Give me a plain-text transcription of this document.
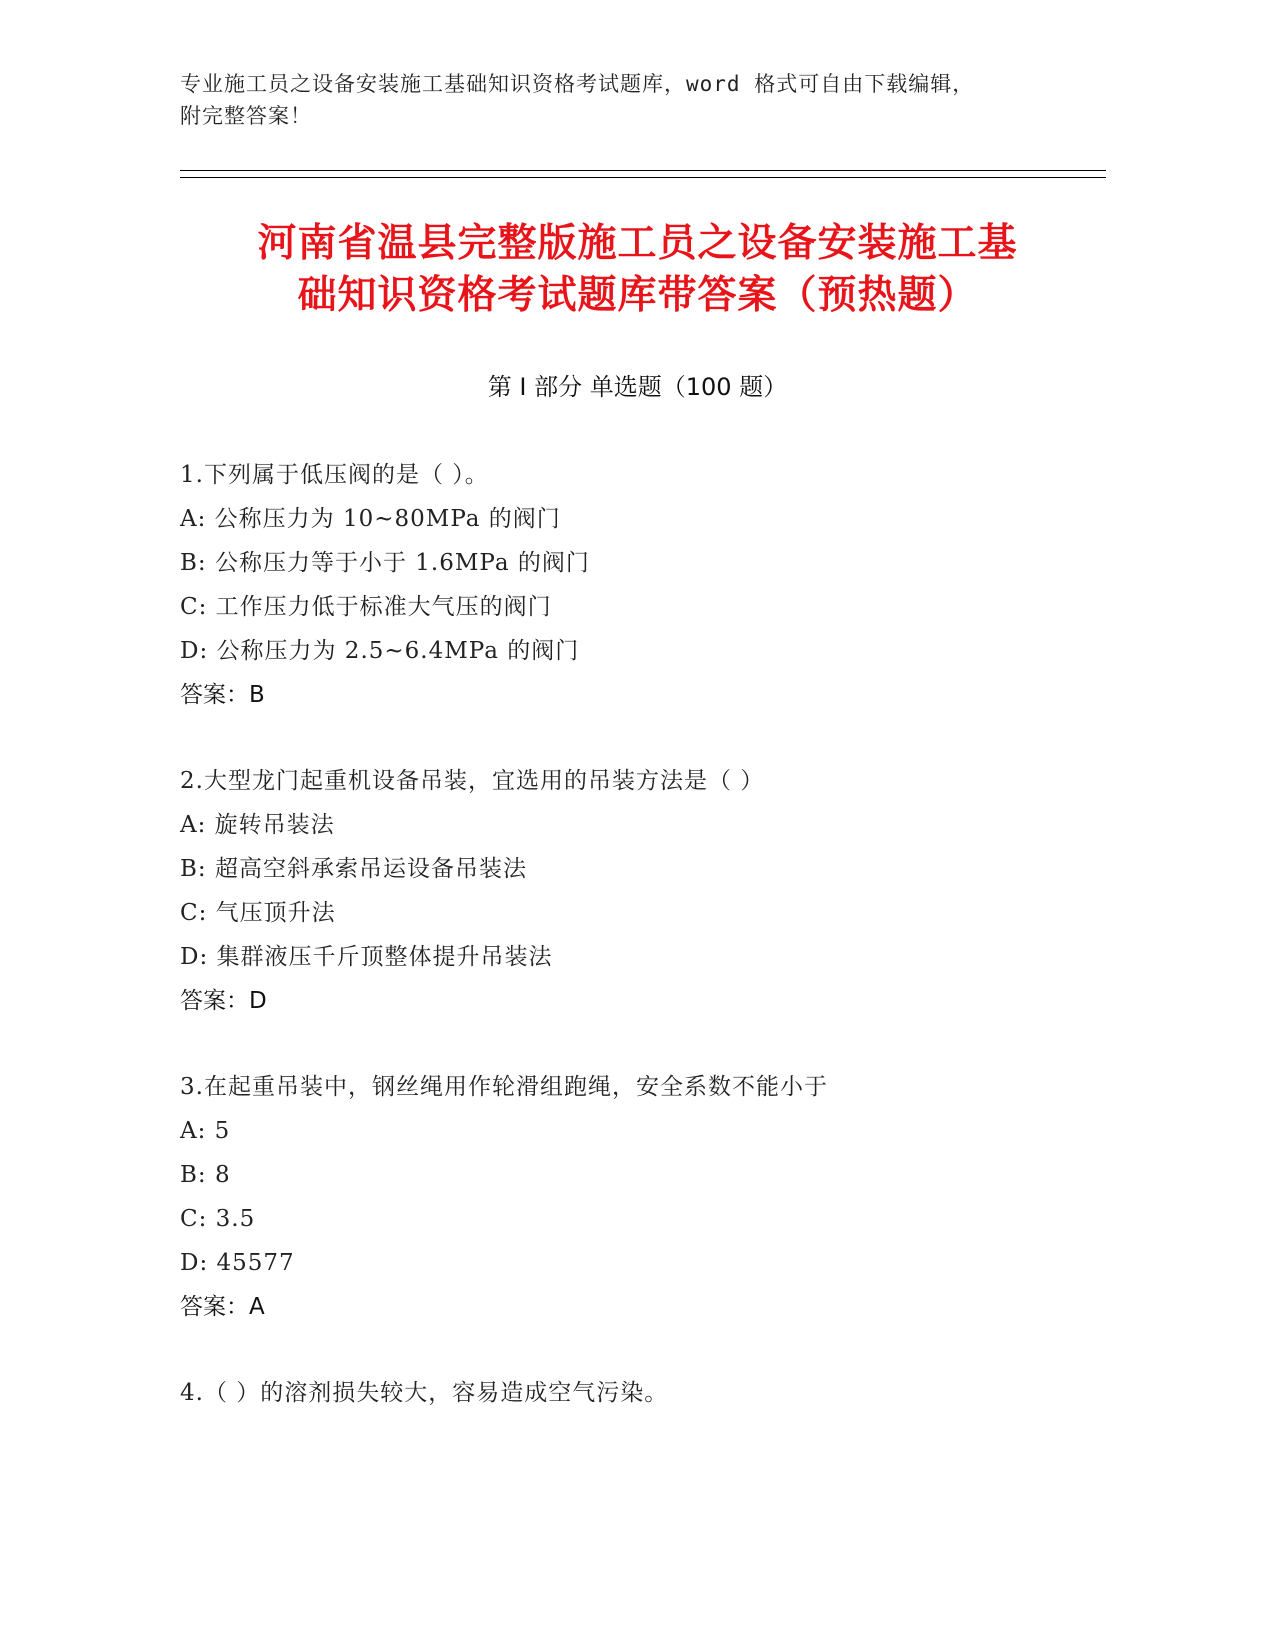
专业施工员之设备安装施工基础知识资格考试题库，word 格式可自由下载编辑，
附完整答案！
河南省温县完整版施工员之设备安装施工基
础知识资格考试题库带答案（预热题）
第 I 部分 单选题（100 题）
1.下列属于低压阀的是（ ）。
A: 公称压力为 10~80MPa 的阀门
B: 公称压力等于小于 1.6MPa 的阀门
C: 工作压力低于标准大气压的阀门
D: 公称压力为 2.5~6.4MPa 的阀门
答案：B
2.大型龙门起重机设备吊装，宜选用的吊装方法是（ ）
A: 旋转吊装法
B: 超高空斜承索吊运设备吊装法
C: 气压顶升法
D: 集群液压千斤顶整体提升吊装法
答案：D
3.在起重吊装中，钢丝绳用作轮滑组跑绳，安全系数不能小于
A: 5
B: 8
C: 3.5
D: 45577
答案：A
4.（ ）的溶剂损失较大，容易造成空气污染。
